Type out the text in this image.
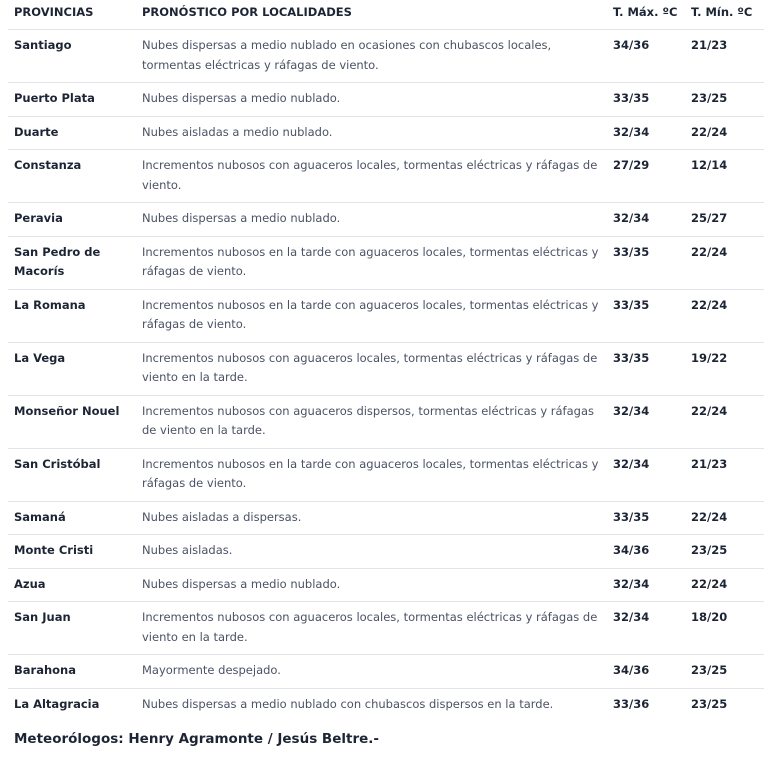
PROVINCIAS	PRONÓSTICO POR LOCALIDADES	T. Máx. ºC	T. Mín. ºC
Santiago	Nubes dispersas a medio nublado en ocasiones con chubascos locales, tormentas eléctricas y ráfagas de viento.	34/36	21/23
Puerto Plata	Nubes dispersas a medio nublado.	33/35	23/25
Duarte	Nubes aisladas a medio nublado.	32/34	22/24
Constanza	Incrementos nubosos con aguaceros locales, tormentas eléctricas y ráfagas de viento.	27/29	12/14
Peravia	Nubes dispersas a medio nublado.	32/34	25/27
San Pedro de Macorís	Incrementos nubosos en la tarde con aguaceros locales, tormentas eléctricas y ráfagas de viento.	33/35	22/24
La Romana	Incrementos nubosos en la tarde con aguaceros locales, tormentas eléctricas y ráfagas de viento.	33/35	22/24
La Vega	Incrementos nubosos con aguaceros locales, tormentas eléctricas y ráfagas de viento en la tarde.	33/35	19/22
Monseñor Nouel	Incrementos nubosos con aguaceros dispersos, tormentas eléctricas y ráfagas de viento en la tarde.	32/34	22/24
San Cristóbal	Incrementos nubosos en la tarde con aguaceros locales, tormentas eléctricas y ráfagas de viento.	32/34	21/23
Samaná	Nubes aisladas a dispersas.	33/35	22/24
Monte Cristi	Nubes aisladas.	34/36	23/25
Azua	Nubes dispersas a medio nublado.	32/34	22/24
San Juan	Incrementos nubosos con aguaceros locales, tormentas eléctricas y ráfagas de viento en la tarde.	32/34	18/20
Barahona	Mayormente despejado.	34/36	23/25
La Altagracia	Nubes dispersas a medio nublado con chubascos dispersos en la tarde.	33/36	23/25
Meteorólogos: Henry Agramonte / Jesús Beltre.-
